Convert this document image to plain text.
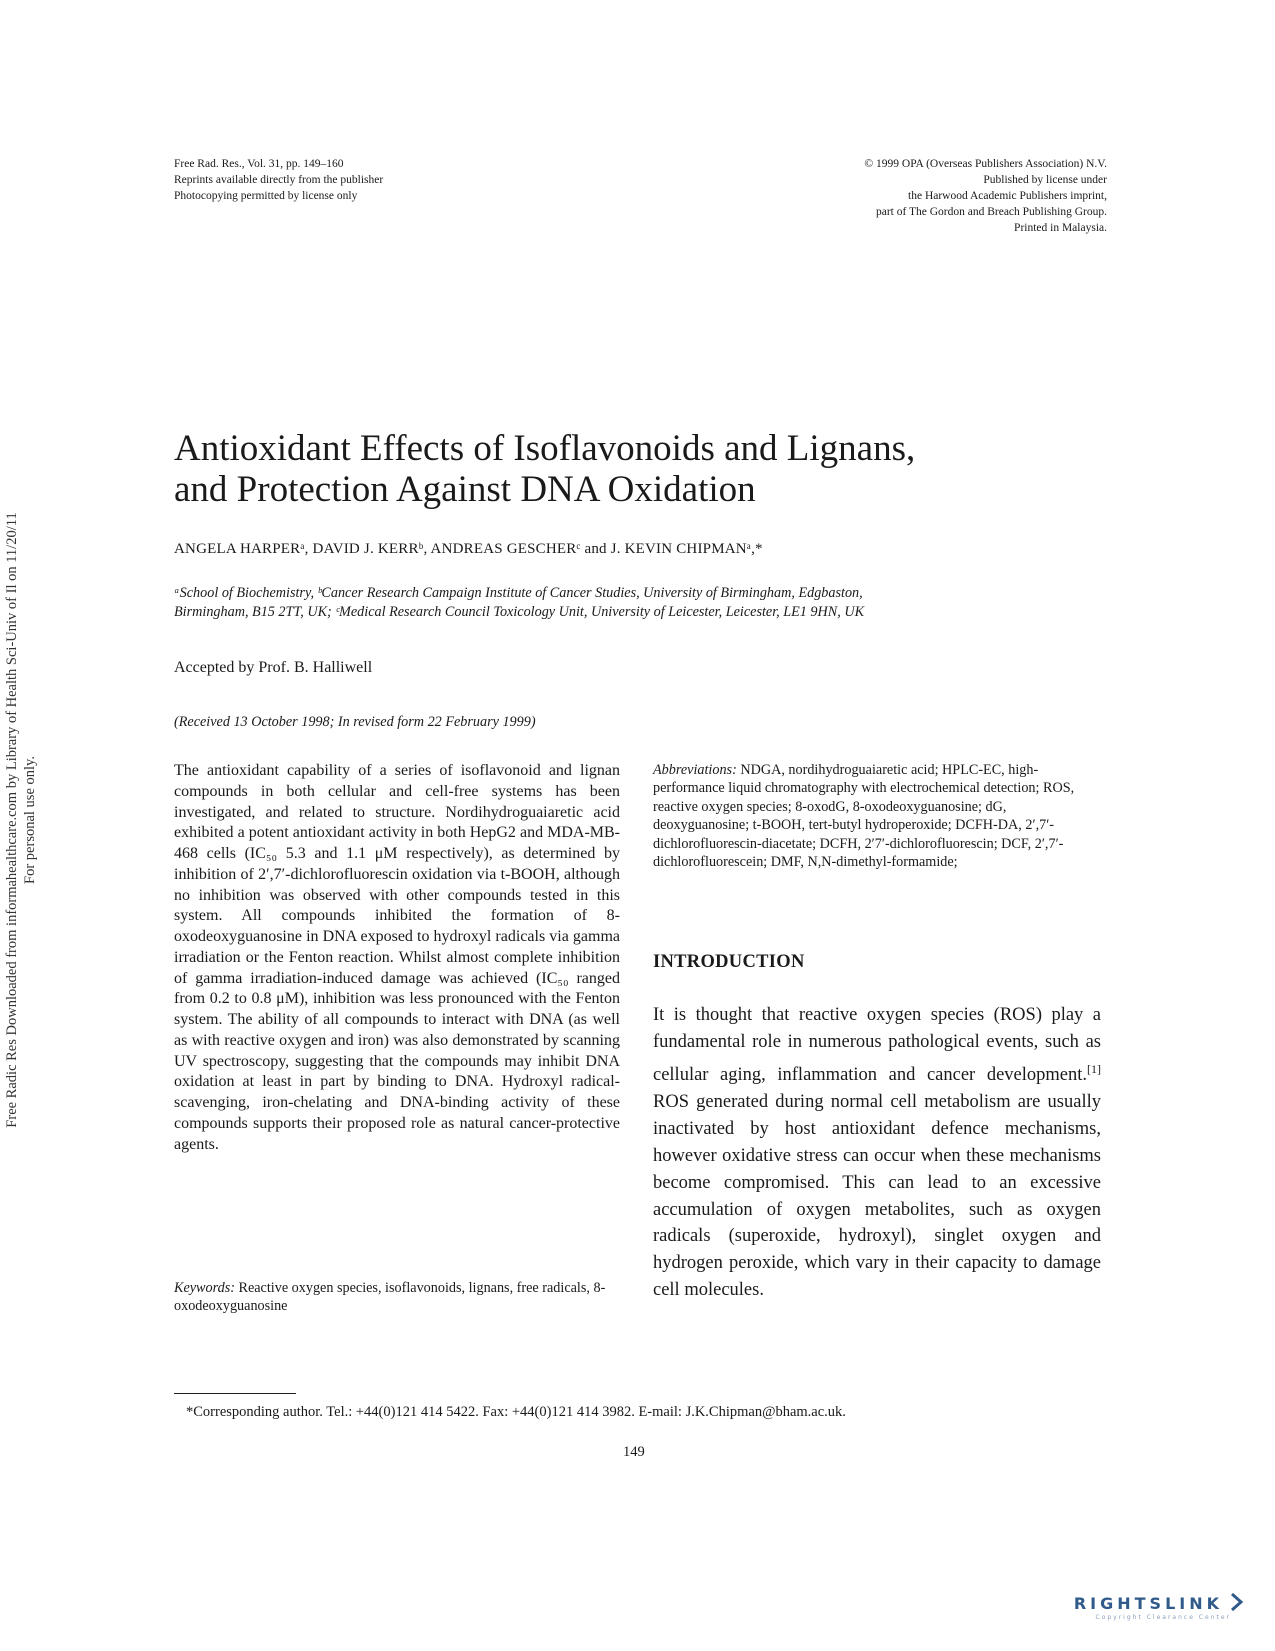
Free Radic Res Downloaded from informahealthcare.com by Library of Health Sci-Univ of Il on 11/20/11 For personal use only.
Free Rad. Res., Vol. 31, pp. 149–160
Reprints available directly from the publisher
Photocopying permitted by license only
© 1999 OPA (Overseas Publishers Association) N.V.
Published by license under
the Harwood Academic Publishers imprint,
part of The Gordon and Breach Publishing Group.
Printed in Malaysia.
Antioxidant Effects of Isoflavonoids and Lignans,
and Protection Against DNA Oxidation
ANGELA HARPERᵃ, DAVID J. KERRᵇ, ANDREAS GESCHERᶜ and J. KEVIN CHIPMANᵃ,*
ᵃSchool of Biochemistry, ᵇCancer Research Campaign Institute of Cancer Studies, University of Birmingham, Edgbaston,
Birmingham, B15 2TT, UK; ᶜMedical Research Council Toxicology Unit, University of Leicester, Leicester, LE1 9HN, UK
Accepted by Prof. B. Halliwell
(Received 13 October 1998; In revised form 22 February 1999)
The antioxidant capability of a series of isoflavonoid and lignan compounds in both cellular and cell-free systems has been investigated, and related to structure. Nordihydroguaiaretic acid exhibited a potent antioxidant activity in both HepG2 and MDA-MB-468 cells (IC₅₀ 5.3 and 1.1 μM respectively), as determined by inhibition of 2′,7′-dichlorofluorescin oxidation via t-BOOH, although no inhibition was observed with other compounds tested in this system. All compounds inhibited the formation of 8-oxodeoxyguanosine in DNA exposed to hydroxyl radicals via gamma irradiation or the Fenton reaction. Whilst almost complete inhibition of gamma irradiation-induced damage was achieved (IC₅₀ ranged from 0.2 to 0.8 μM), inhibition was less pronounced with the Fenton system. The ability of all compounds to interact with DNA (as well as with reactive oxygen and iron) was also demonstrated by scanning UV spectroscopy, suggesting that the compounds may inhibit DNA oxidation at least in part by binding to DNA. Hydroxyl radical-scavenging, iron-chelating and DNA-binding activity of these compounds supports their proposed role as natural cancer-protective agents.
Keywords: Reactive oxygen species, isoflavonoids, lignans, free radicals, 8-oxodeoxyguanosine
Abbreviations: NDGA, nordihydroguaiaretic acid; HPLC-EC, high-performance liquid chromatography with electrochemical detection; ROS, reactive oxygen species; 8-oxodG, 8-oxodeoxyguanosine; dG, deoxyguanosine; t-BOOH, tert-butyl hydroperoxide; DCFH-DA, 2′,7′-dichlorofluorescin-diacetate; DCFH, 2′7′-dichlorofluorescin; DCF, 2′,7′-dichlorofluorescein; DMF, N,N-dimethyl-formamide;
INTRODUCTION
It is thought that reactive oxygen species (ROS) play a fundamental role in numerous pathological events, such as cellular aging, inflammation and cancer development.[1] ROS generated during normal cell metabolism are usually inactivated by host antioxidant defence mechanisms, however oxidative stress can occur when these mechanisms become compromised. This can lead to an excessive accumulation of oxygen metabolites, such as oxygen radicals (superoxide, hydroxyl), singlet oxygen and hydrogen peroxide, which vary in their capacity to damage cell molecules.
*Corresponding author. Tel.: +44(0)121 414 5422. Fax: +44(0)121 414 3982. E-mail: J.K.Chipman@bham.ac.uk.
149
RIGHTSLINK
Copyright Clearance Center
